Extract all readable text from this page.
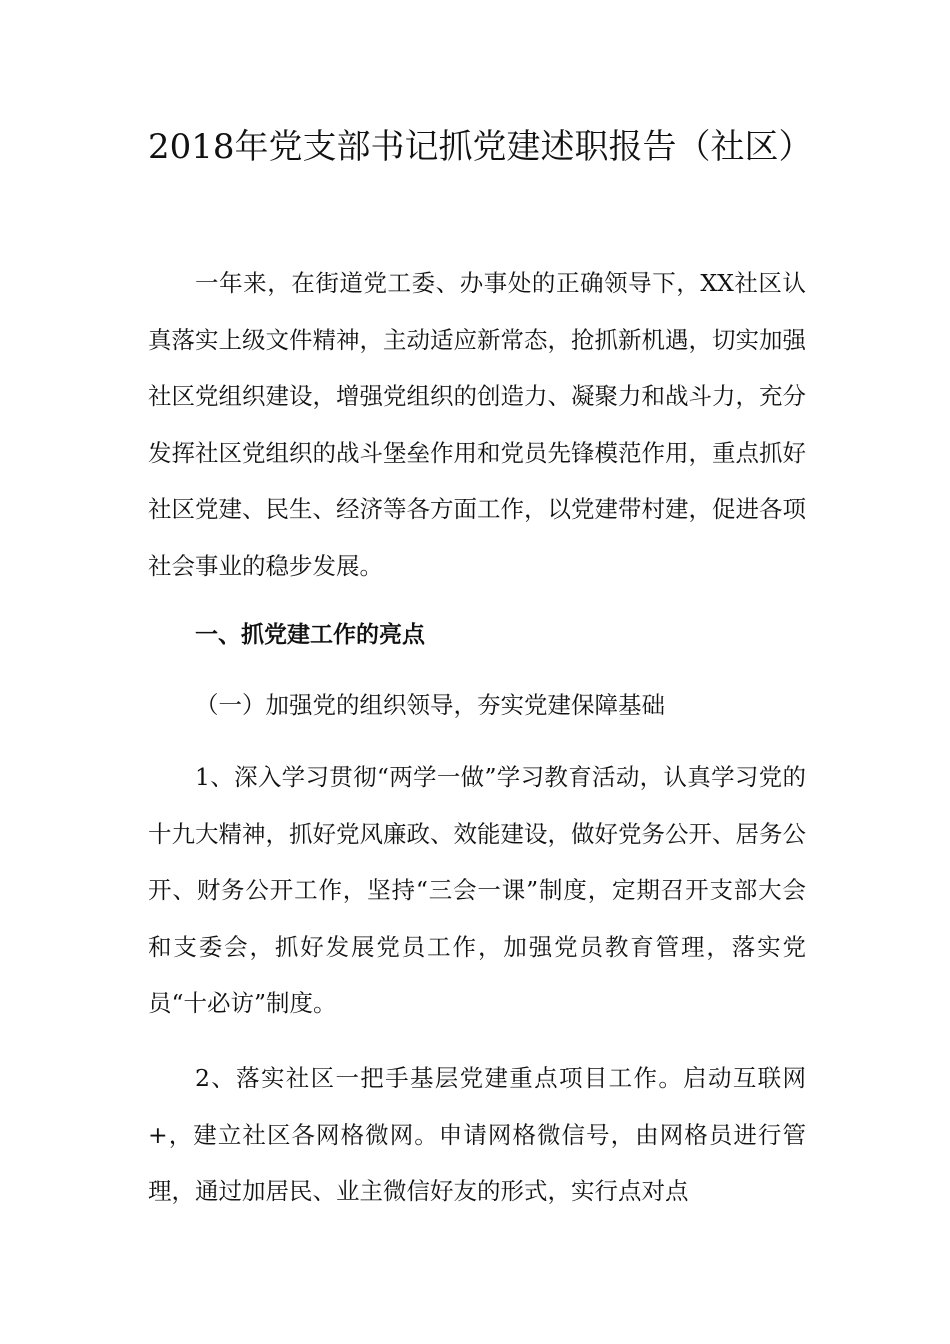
2018年党支部书记抓党建述职报告（社区）

一年来，在街道党工委、办事处的正确领导下，XX社区认真落实上级文件精神，主动适应新常态，抢抓新机遇，切实加强社区党组织建设，增强党组织的创造力、凝聚力和战斗力，充分发挥社区党组织的战斗堡垒作用和党员先锋模范作用，重点抓好社区党建、民生、经济等各方面工作，以党建带村建，促进各项社会事业的稳步发展。

一、抓党建工作的亮点
（一）加强党的组织领导，夯实党建保障基础

1、深入学习贯彻“两学一做”学习教育活动，认真学习党的十九大精神，抓好党风廉政、效能建设，做好党务公开、居务公开、财务公开工作，坚持“三会一课”制度，定期召开支部大会和支委会，抓好发展党员工作，加强党员教育管理，落实党员“十必访”制度。

2、落实社区一把手基层党建重点项目工作。启动互联网+，建立社区各网格微网。申请网格微信号，由网格员进行管理，通过加居民、业主微信好友的形式，实行点对点
